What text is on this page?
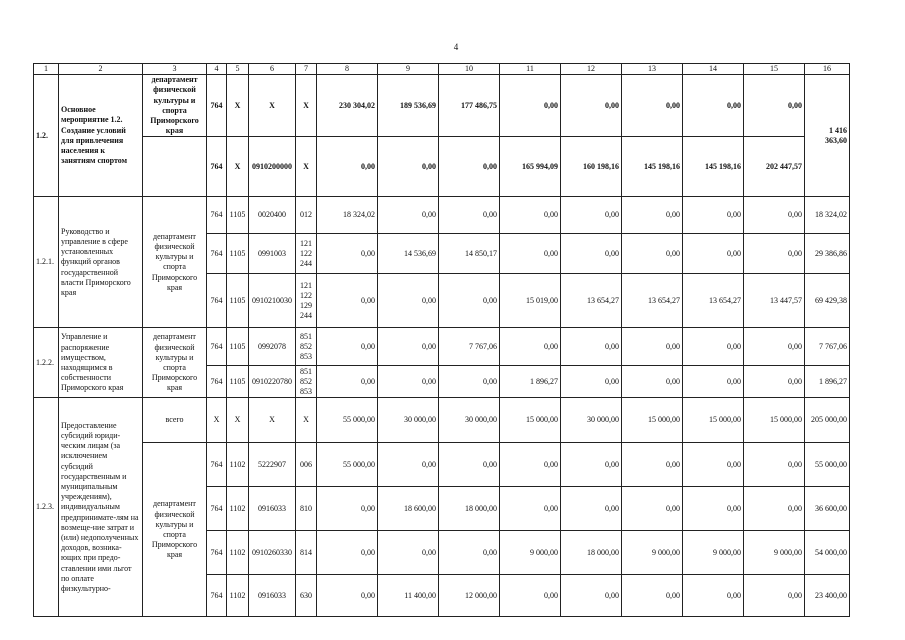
4
1	2	3	4	5	6	7	8	9	10	11	12	13	14	15	16
1.2.	Основное мероприятие 1.2. Создание условий для привлечения населения к занятиям спортом	департамент физической культуры и спорта Приморского края	764	X	X	X	230 304,02	189 536,69	177 486,75	0,00	0,00	0,00	0,00	0,00	1 416 363,60
			764	X	0910200000	X	0,00	0,00	0,00	165 994,09	160 198,16	145 198,16	145 198,16	202 447,57	
1.2.1.	Руководство и управление в сфере установленных функций органов государственной власти Приморского края	департамент физической культуры и спорта Приморского края	764	1105	0020400	012	18 324,02	0,00	0,00	0,00	0,00	0,00	0,00	0,00	18 324,02
			764	1105	0991003	121
122
244	0,00	14 536,69	14 850,17	0,00	0,00	0,00	0,00	0,00	29 386,86
			764	1105	0910210030	121
122
129
244	0,00	0,00	0,00	15 019,00	13 654,27	13 654,27	13 654,27	13 447,57	69 429,38
1.2.2.	Управление и распоряжение имуществом, находящимся в собственности Приморского края	департамент физической культуры и спорта Приморского края	764	1105	0992078	851
852
853	0,00	0,00	7 767,06	0,00	0,00	0,00	0,00	0,00	7 767,06
			764	1105	0910220780	851
852
853	0,00	0,00	0,00	1 896,27	0,00	0,00	0,00	0,00	1 896,27
1.2.3.	Предоставление субсидий юриди-ческим лицам (за исключением субсидий государственным и муниципальным учреждениям), индивидуальным предпринимате-лям на возмеще-ние затрат и (или) недополученных доходов, возника-ющих при предо-ставлении ими льгот по оплате физкультурно-	всего	X	X	X	X	55 000,00	30 000,00	30 000,00	15 000,00	30 000,00	15 000,00	15 000,00	15 000,00	205 000,00
		департамент физической культуры и спорта Приморского края	764	1102	5222907	006	55 000,00	0,00	0,00	0,00	0,00	0,00	0,00	0,00	55 000,00
			764	1102	0916033	810	0,00	18 600,00	18 000,00	0,00	0,00	0,00	0,00	0,00	36 600,00
			764	1102	0910260330	814	0,00	0,00	0,00	9 000,00	18 000,00	9 000,00	9 000,00	9 000,00	54 000,00
			764	1102	0916033	630	0,00	11 400,00	12 000,00	0,00	0,00	0,00	0,00	0,00	23 400,00
